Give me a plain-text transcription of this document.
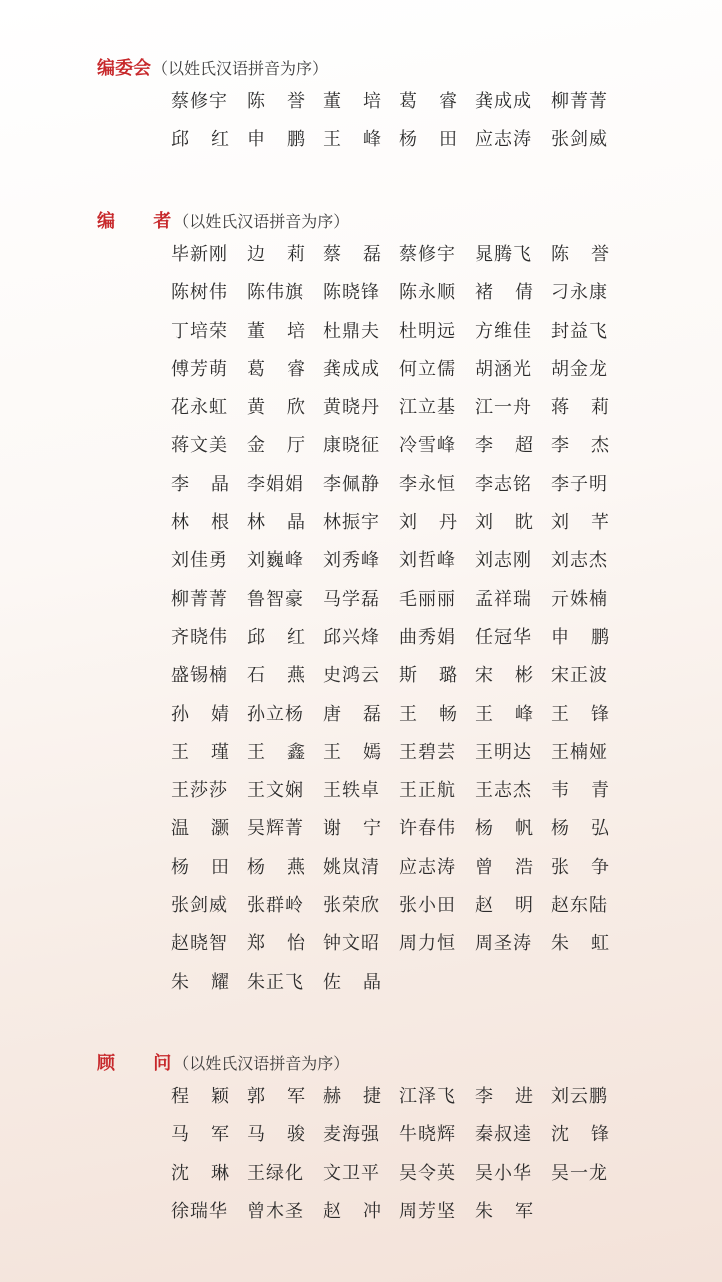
编委会 （以姓氏汉语拼音为序）
蔡修宇 陈 誉 董 培 葛 睿 龚成成 柳菁菁
邱 红 申 鹏 王 峰 杨 田 应志涛 张剑威
编 者
（以姓氏汉语拼音为序）
毕新刚 边 莉 蔡 磊 蔡修宇 晁腾飞 陈 誉
陈树伟 陈伟旗 陈晓锋 陈永顺 褚 倩 刁永康
丁培荣 董 培 杜鼎夫 杜明远 方维佳 封益飞
傅芳萌 葛 睿 龚成成 何立儒 胡涵光 胡金龙
花永虹 黄 欣 黄晓丹 江立基 江一舟 蒋 莉
蒋文美 金 厅 康晓征 冷雪峰 李 超 李 杰
李 晶 李娟娟 李佩静 李永恒 李志铭 李子明
林 根 林 晶 林振宇 刘 丹 刘 眈 刘 芊
刘佳勇 刘巍峰 刘秀峰 刘哲峰 刘志刚 刘志杰
柳菁菁 鲁智豪 马学磊 毛丽丽 孟祥瑞 亓姝楠
齐晓伟 邱 红 邱兴烽 曲秀娟 任冠华 申 鹏
盛锡楠 石 燕 史鸿云 斯 璐 宋 彬 宋正波
孙 婧 孙立杨 唐 磊 王 畅 王 峰 王 锋
王 瑾 王 鑫 王 嫣 王碧芸 王明达 王楠娅
王莎莎 王文娴 王轶卓 王正航 王志杰 韦 青
温 灏 吴辉菁 谢 宁 许春伟 杨 帆 杨 弘
杨 田 杨 燕 姚岚清 应志涛 曾 浩 张 争
张剑威 张群岭 张荣欣 张小田 赵 明 赵东陆
赵晓智 郑 怡 钟文昭 周力恒 周圣涛 朱 虹
朱 耀 朱正飞 佐 晶
顾 问
（以姓氏汉语拼音为序）
程 颖 郭 军 赫 捷 江泽飞 李 进 刘云鹏
马 军 马 骏 麦海强 牛晓辉 秦叔逵 沈 锋
沈 琳 王绿化 文卫平 吴令英 吴小华 吴一龙
徐瑞华 曾木圣 赵 冲 周芳坚 朱 军
